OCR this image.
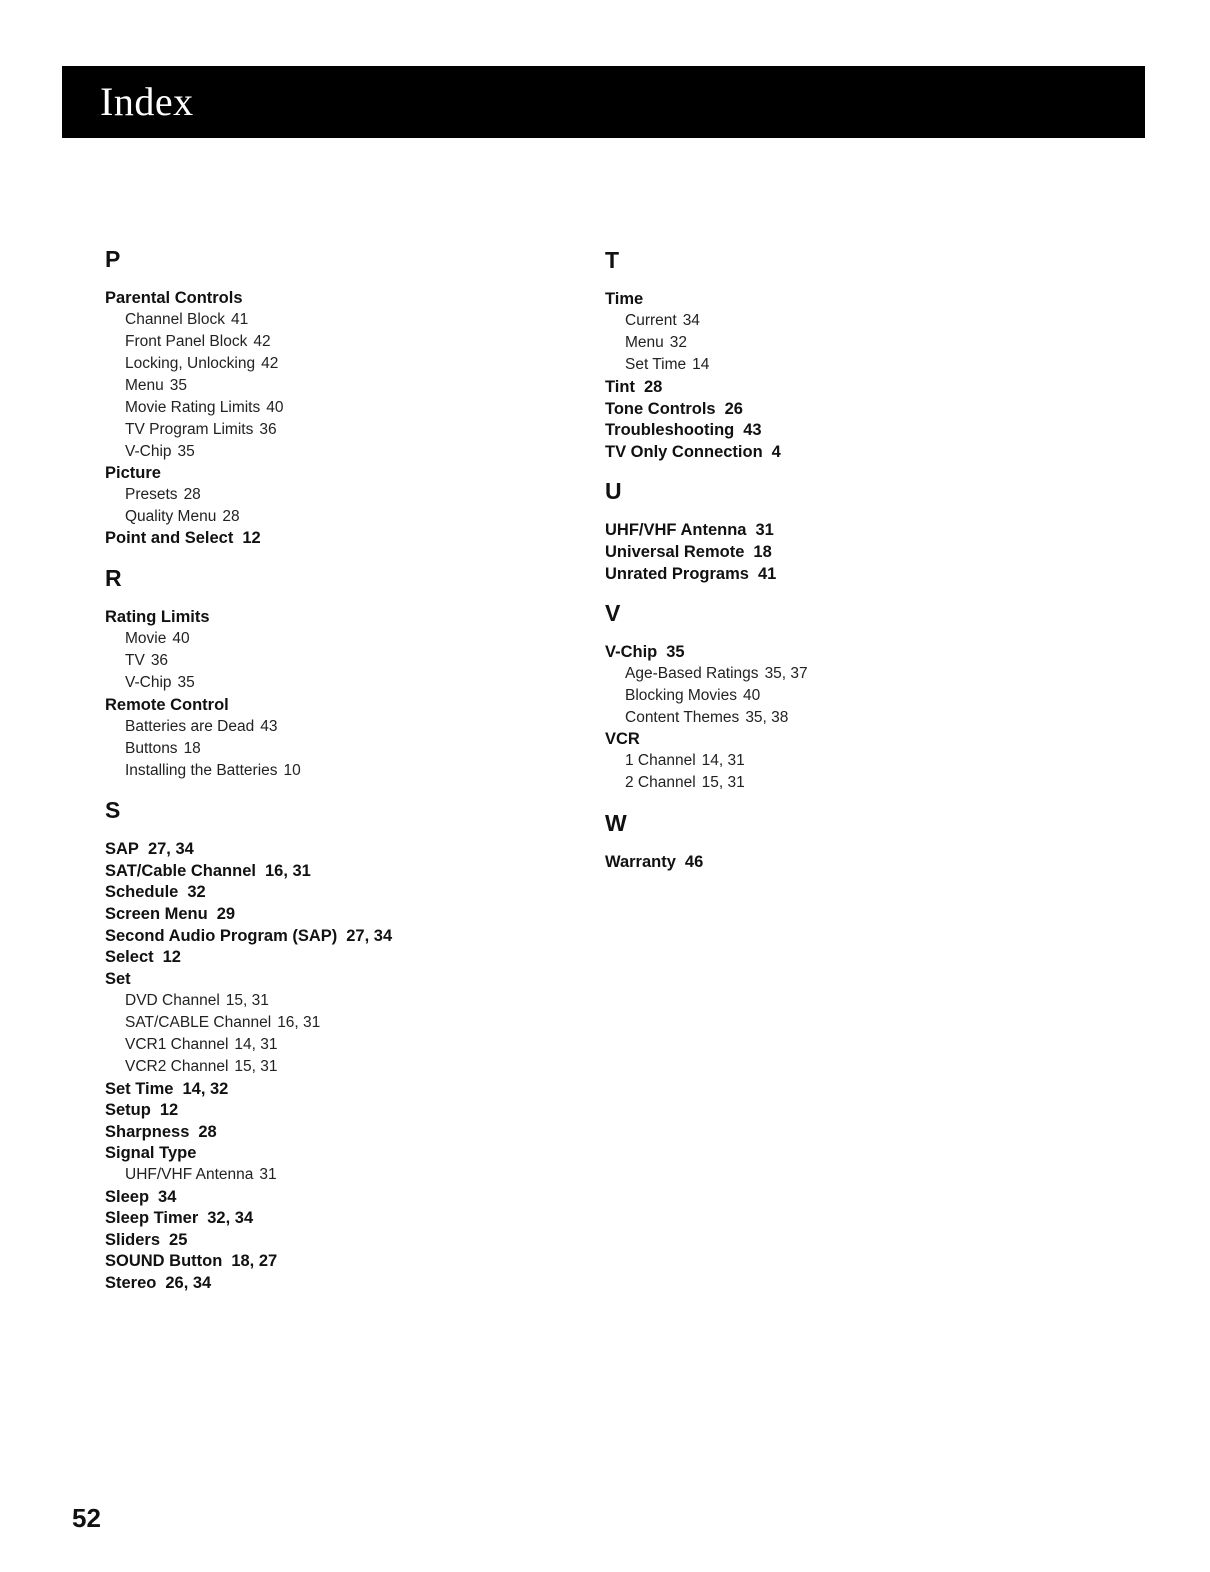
Index
P
Parental Controls
Channel Block 41
Front Panel Block 42
Locking, Unlocking 42
Menu 35
Movie Rating Limits 40
TV Program Limits 36
V-Chip 35
Picture
Presets 28
Quality Menu 28
Point and Select 12
R
Rating Limits
Movie 40
TV 36
V-Chip 35
Remote Control
Batteries are Dead 43
Buttons 18
Installing the Batteries 10
S
SAP 27, 34
SAT/Cable Channel 16, 31
Schedule 32
Screen Menu 29
Second Audio Program (SAP) 27, 34
Select 12
Set
DVD Channel 15, 31
SAT/CABLE Channel 16, 31
VCR1 Channel 14, 31
VCR2 Channel 15, 31
Set Time 14, 32
Setup 12
Sharpness 28
Signal Type
UHF/VHF Antenna 31
Sleep 34
Sleep Timer 32, 34
Sliders 25
SOUND Button 18, 27
Stereo 26, 34
T
Time
Current 34
Menu 32
Set Time 14
Tint 28
Tone Controls 26
Troubleshooting 43
TV Only Connection 4
U
UHF/VHF Antenna 31
Universal Remote 18
Unrated Programs 41
V
V-Chip 35
Age-Based Ratings 35, 37
Blocking Movies 40
Content Themes 35, 38
VCR
1 Channel 14, 31
2 Channel 15, 31
W
Warranty 46
52
